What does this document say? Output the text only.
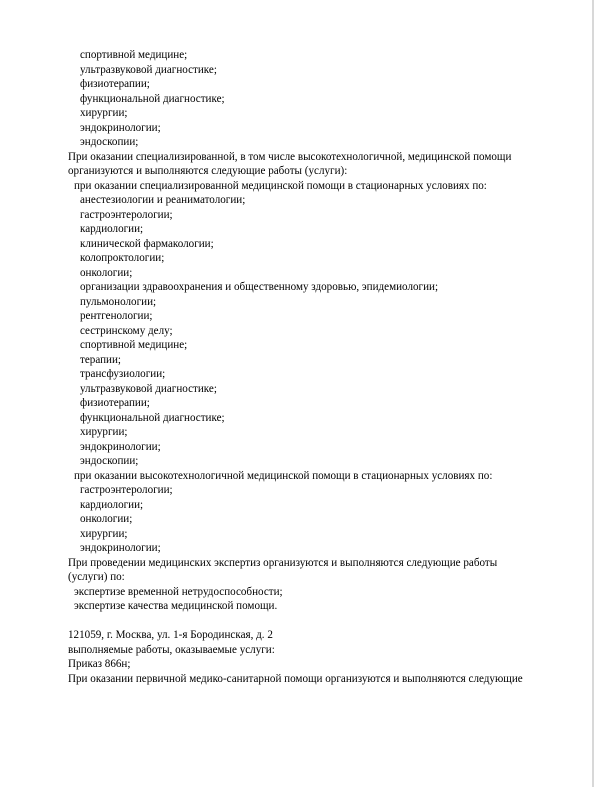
спортивной медицине;
ультразвуковой диагностике;
физиотерапии;
функциональной диагностике;
хирургии;
эндокринологии;
эндоскопии;
При оказании специализированной, в том числе высокотехнологичной, медицинской помощи
организуются и выполняются следующие работы (услуги):
при оказании специализированной медицинской помощи в стационарных условиях по:
анестезиологии и реаниматологии;
гастроэнтерологии;
кардиологии;
клинической фармакологии;
колопроктологии;
онкологии;
организации здравоохранения и общественному здоровью, эпидемиологии;
пульмонологии;
рентгенологии;
сестринскому делу;
спортивной медицине;
терапии;
трансфузиологии;
ультразвуковой диагностике;
физиотерапии;
функциональной диагностике;
хирургии;
эндокринологии;
эндоскопии;
при оказании высокотехнологичной медицинской помощи в стационарных условиях по:
гастроэнтерологии;
кардиологии;
онкологии;
хирургии;
эндокринологии;
При проведении медицинских экспертиз организуются и выполняются следующие работы
(услуги) по:
экспертизе временной нетрудоспособности;
экспертизе качества медицинской помощи.
121059, г. Москва, ул. 1-я Бородинская, д. 2
выполняемые работы, оказываемые услуги:
Приказ 866н;
При оказании первичной медико-санитарной помощи организуются и выполняются следующие
